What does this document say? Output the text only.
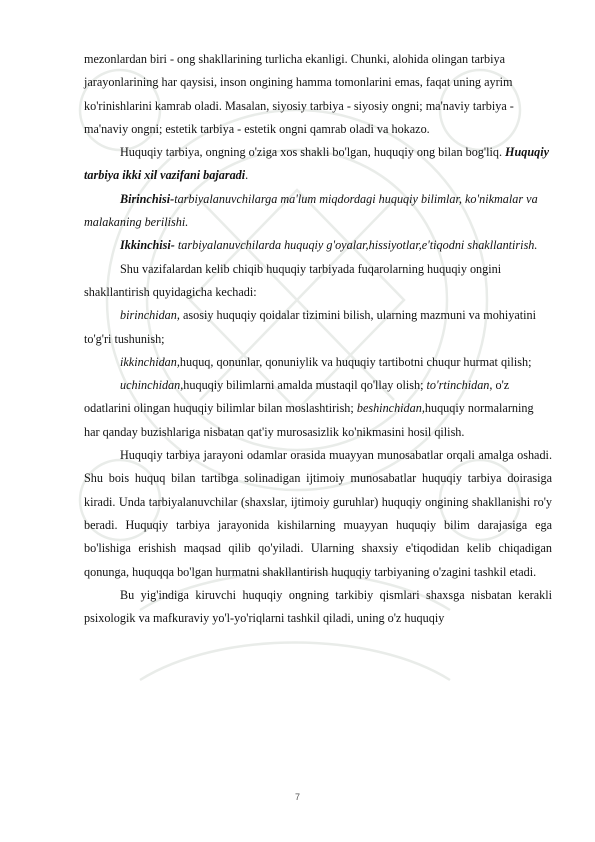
mezonlardan biri - ong shakllarining turlicha ekanligi. Chunki, alohida olingan tarbiya jarayonlarining har qaysisi, inson ongining hamma tomonlarini emas, faqat uning ayrim ko'rinishlarini kamrab oladi. Masalan, siyosiy tarbiya - siyosiy ongni; ma'naviy tarbiya - ma'naviy ongni; estetik tarbiya - estetik ongni qamrab oladi va hokazo.

Huquqiy tarbiya, ongning o'ziga xos shakli bo'lgan, huquqiy ong bilan bog'liq. Huquqiy tarbiya ikki xil vazifani bajaradi.

Birinchisi-tarbiyalanuvchilarga ma'lum miqdordagi huquqiy bilimlar, ko'nikmalar va malakaning berilishi.

Ikkinchisi- tarbiyalanuvchilarda huquqiy g'oyalar,hissiyotlar,e'tiqodni shakllantirish.

Shu vazifalardan kelib chiqib huquqiy tarbiyada fuqarolarning huquqiy ongini shakllantirish quyidagicha kechadi:

birinchidan, asosiy huquqiy qoidalar tizimini bilish, ularning mazmuni va mohiyatini to'g'ri tushunish;

ikkinchidan,huquq, qonunlar, qonuniylik va huquqiy tartibotni chuqur hurmat qilish;

uchinchidan,huquqiy bilimlarni amalda mustaqil qo'llay olish; to'rtinchidan, o'z odatlarini olingan huquqiy bilimlar bilan moslashtirish; beshinchidan,huquqiy normalarning har qanday buzishlariga nisbatan qat'iy murosasizlik ko'nikmasini hosil qilish.

Huquqiy tarbiya jarayoni odamlar orasida muayyan munosabatlar orqali amalga oshadi. Shu bois huquq bilan tartibga solinadigan ijtimoiy munosabatlar huquqiy tarbiya doirasiga kiradi. Unda tarbiyalanuvchilar (shaxslar, ijtimoiy guruhlar) huquqiy ongining shakllanishi ro'y beradi. Huquqiy tarbiya jarayonida kishilarning muayyan huquqiy bilim darajasiga ega bo'lishiga erishish maqsad qilib qo'yiladi. Ularning shaxsiy e'tiqodidan kelib chiqadigan qonunga, huquqqa bo'lgan hurmatni shakllantirish huquqiy tarbiyaning o'zagini tashkil etadi.

Bu yig'indiga kiruvchi huquqiy ongning tarkibiy qismlari shaxsga nisbatan kerakli psixologik va mafkuraviy yo'l-yo'riqlarni tashkil qiladi, uning o'z huquqiy

7
